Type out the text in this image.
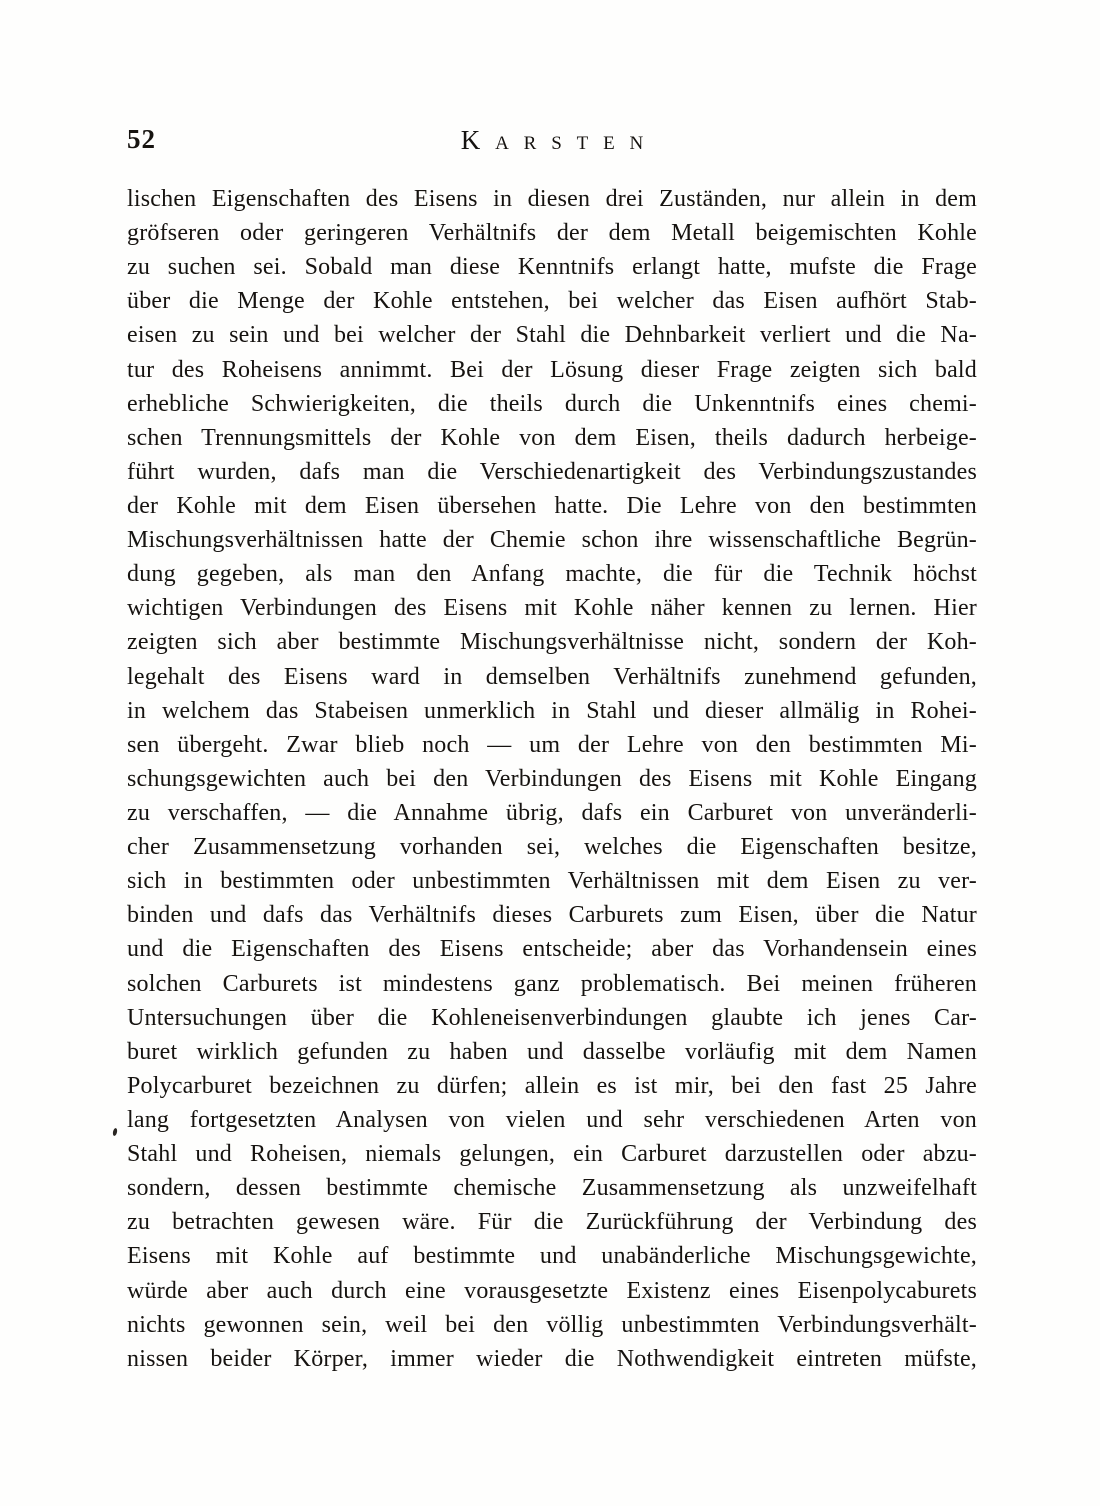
52	Karsten
lischen Eigenschaften des Eisens in diesen drei Zuständen, nur allein in dem
gröfseren oder geringeren Verhältnifs der dem Metall beigemischten Kohle
zu suchen sei. Sobald man diese Kenntnifs erlangt hatte, mufste die Frage
über die Menge der Kohle entstehen, bei welcher das Eisen aufhört Stab-
eisen zu sein und bei welcher der Stahl die Dehnbarkeit verliert und die Na-
tur des Roheisens annimmt. Bei der Lösung dieser Frage zeigten sich bald
erhebliche Schwierigkeiten, die theils durch die Unkenntnifs eines chemi-
schen Trennungsmittels der Kohle von dem Eisen, theils dadurch herbeige-
führt wurden, dafs man die Verschiedenartigkeit des Verbindungszustandes
der Kohle mit dem Eisen übersehen hatte. Die Lehre von den bestimmten
Mischungsverhältnissen hatte der Chemie schon ihre wissenschaftliche Begrün-
dung gegeben, als man den Anfang machte, die für die Technik höchst
wichtigen Verbindungen des Eisens mit Kohle näher kennen zu lernen. Hier
zeigten sich aber bestimmte Mischungsverhältnisse nicht, sondern der Koh-
legehalt des Eisens ward in demselben Verhältnifs zunehmend gefunden,
in welchem das Stabeisen unmerklich in Stahl und dieser allmälig in Rohei-
sen übergeht. Zwar blieb noch — um der Lehre von den bestimmten Mi-
schungsgewichten auch bei den Verbindungen des Eisens mit Kohle Eingang
zu verschaffen, — die Annahme übrig, dafs ein Carburet von unveränderli-
cher Zusammensetzung vorhanden sei, welches die Eigenschaften besitze,
sich in bestimmten oder unbestimmten Verhältnissen mit dem Eisen zu ver-
binden und dafs das Verhältnifs dieses Carburets zum Eisen, über die Natur
und die Eigenschaften des Eisens entscheide; aber das Vorhandensein eines
solchen Carburets ist mindestens ganz problematisch. Bei meinen früheren
Untersuchungen über die Kohleneisenverbindungen glaubte ich jenes Car-
buret wirklich gefunden zu haben und dasselbe vorläufig mit dem Namen
Polycarburet bezeichnen zu dürfen; allein es ist mir, bei den fast 25 Jahre
lang fortgesetzten Analysen von vielen und sehr verschiedenen Arten von
Stahl und Roheisen, niemals gelungen, ein Carburet darzustellen oder abzu-
sondern, dessen bestimmte chemische Zusammensetzung als unzweifelhaft
zu betrachten gewesen wäre. Für die Zurückführung der Verbindung des
Eisens mit Kohle auf bestimmte und unabänderliche Mischungsgewichte,
würde aber auch durch eine vorausgesetzte Existenz eines Eisenpolycaburets
nichts gewonnen sein, weil bei den völlig unbestimmten Verbindungsverhält-
nissen beider Körper, immer wieder die Nothwendigkeit eintreten müfste,
